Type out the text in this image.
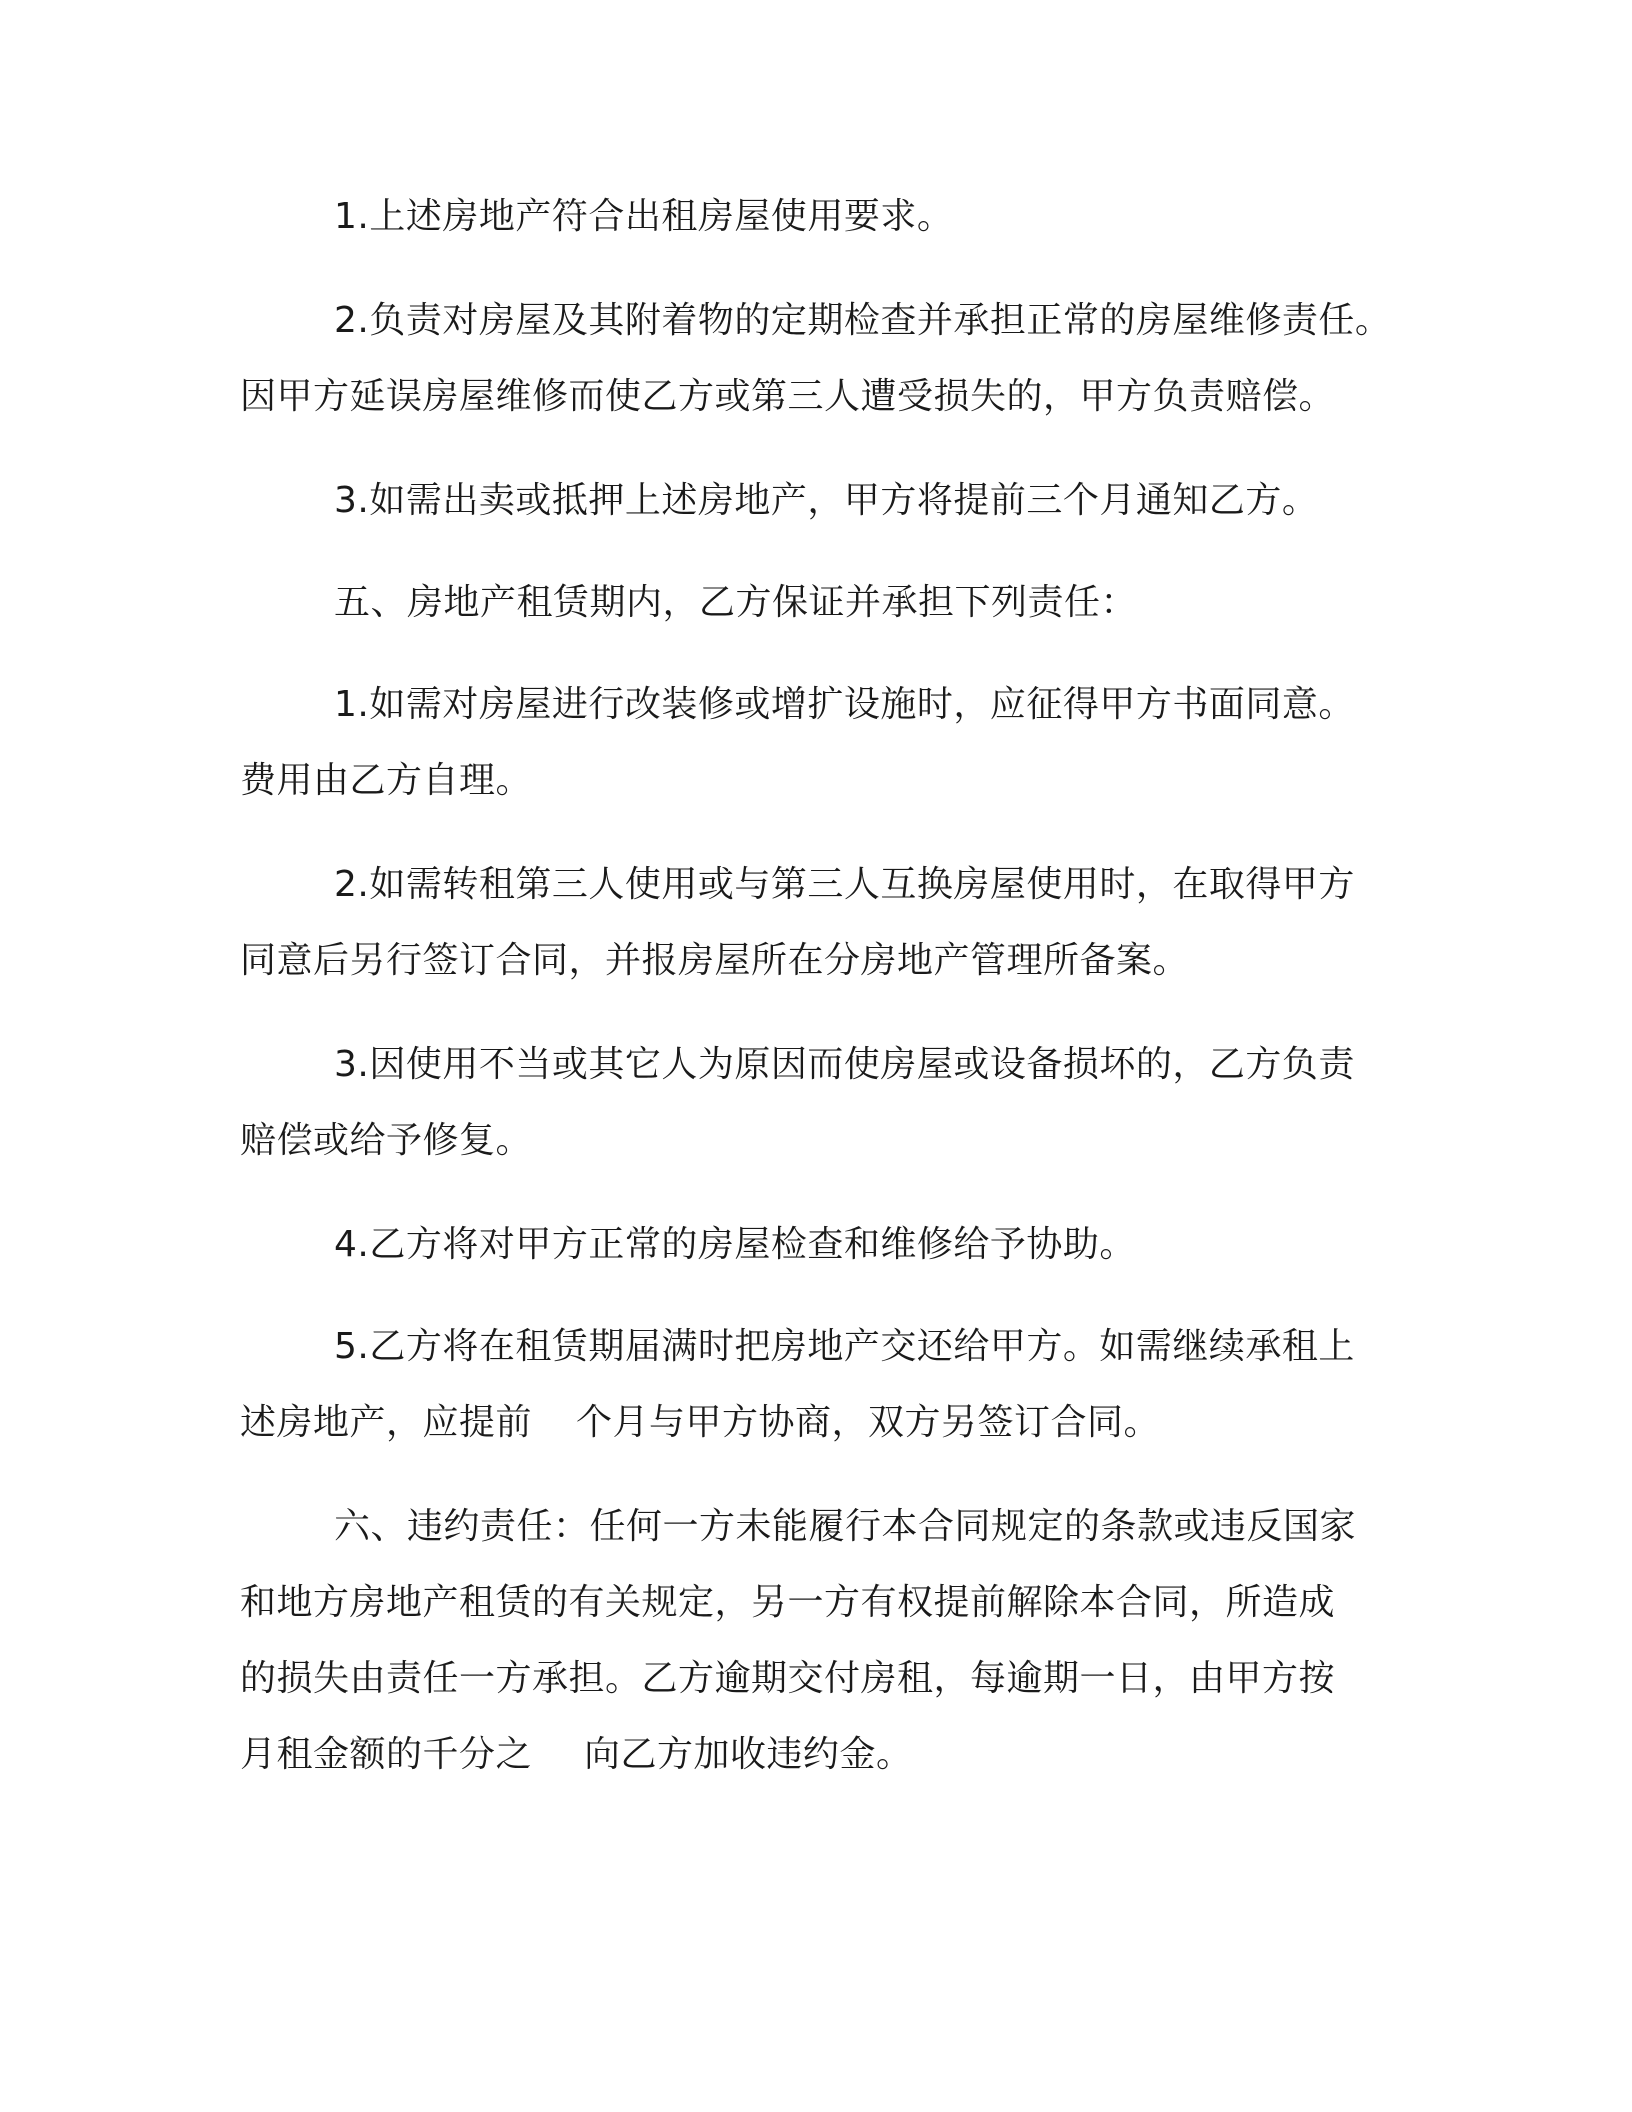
1.上述房地产符合出租房屋使用要求。
2.负责对房屋及其附着物的定期检查并承担正常的房屋维修责任。
因甲方延误房屋维修而使乙方或第三人遭受损失的，甲方负责赔偿。
3.如需出卖或抵押上述房地产，甲方将提前三个月通知乙方。
五、房地产租赁期内，乙方保证并承担下列责任：
1.如需对房屋进行改装修或增扩设施时，应征得甲方书面同意。
费用由乙方自理。
2.如需转租第三人使用或与第三人互换房屋使用时，在取得甲方
同意后另行签订合同，并报房屋所在分房地产管理所备案。
3.因使用不当或其它人为原因而使房屋或设备损坏的，乙方负责
赔偿或给予修复。
4.乙方将对甲方正常的房屋检查和维修给予协助。
5.乙方将在租赁期届满时把房地产交还给甲方。如需继续承租上
述房地产，应提前 个月与甲方协商，双方另签订合同。
六、违约责任：任何一方未能履行本合同规定的条款或违反国家
和地方房地产租赁的有关规定，另一方有权提前解除本合同，所造成
的损失由责任一方承担。乙方逾期交付房租，每逾期一日，由甲方按
月租金额的千分之 向乙方加收违约金。
